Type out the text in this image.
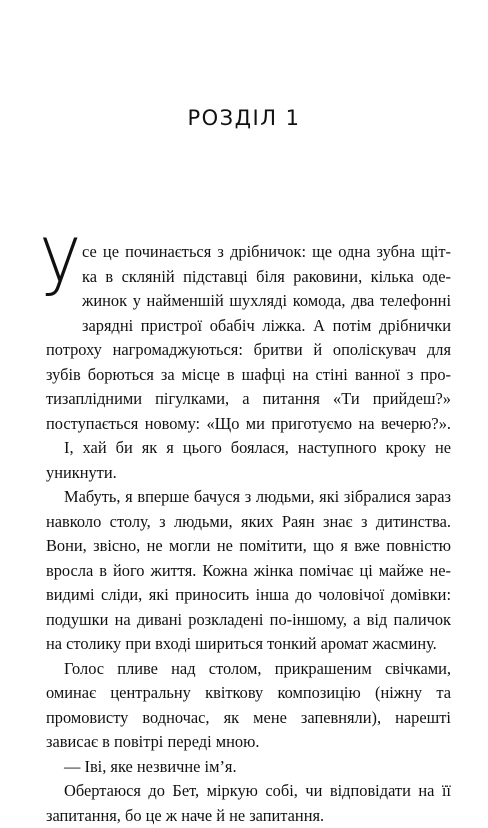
РОЗДІЛ 1
У се це починається з дрібничок: ще одна зубна щіт-
ка в скляній підставці біля раковини, кілька оде-
жинок у найменшій шухляді комода, два телефонні зарядні пристрої обабіч ліжка. А потім дрібнички
потроху нагромаджуються: бритви й ополіскувач для
зубів борються за місце в шафці на стіні ванної з про-
тизаплідними пігулками, а питання «Ти прийдеш?»
поступається новому: «Що ми приготуємо на вечерю?».
І, хай би як я цього боялася, наступного кроку не
уникнути.
Мабуть, я вперше бачуся з людьми, які зібралися зараз
навколо столу, з людьми, яких Раян знає з дитинства.
Вони, звісно, не могли не помітити, що я вже повністю
вросла в його життя. Кожна жінка помічає ці майже не-
видимі сліди, які приносить інша до чоловічої домівки:
подушки на дивані розкладені по-іншому, а від паличок
на столику при вході шириться тонкий аромат жасмину.
Голос пливе над столом, прикрашеним свічками,
оминає центральну квіткову композицію (ніжну та
промовисту водночас, як мене запевняли), нарешті
зависає в повітрі переді мною.
— Іві, яке незвичне ім’я.
Обертаюся до Бет, міркую собі, чи відповідати на її
запитання, бо це ж наче й не запитання.
